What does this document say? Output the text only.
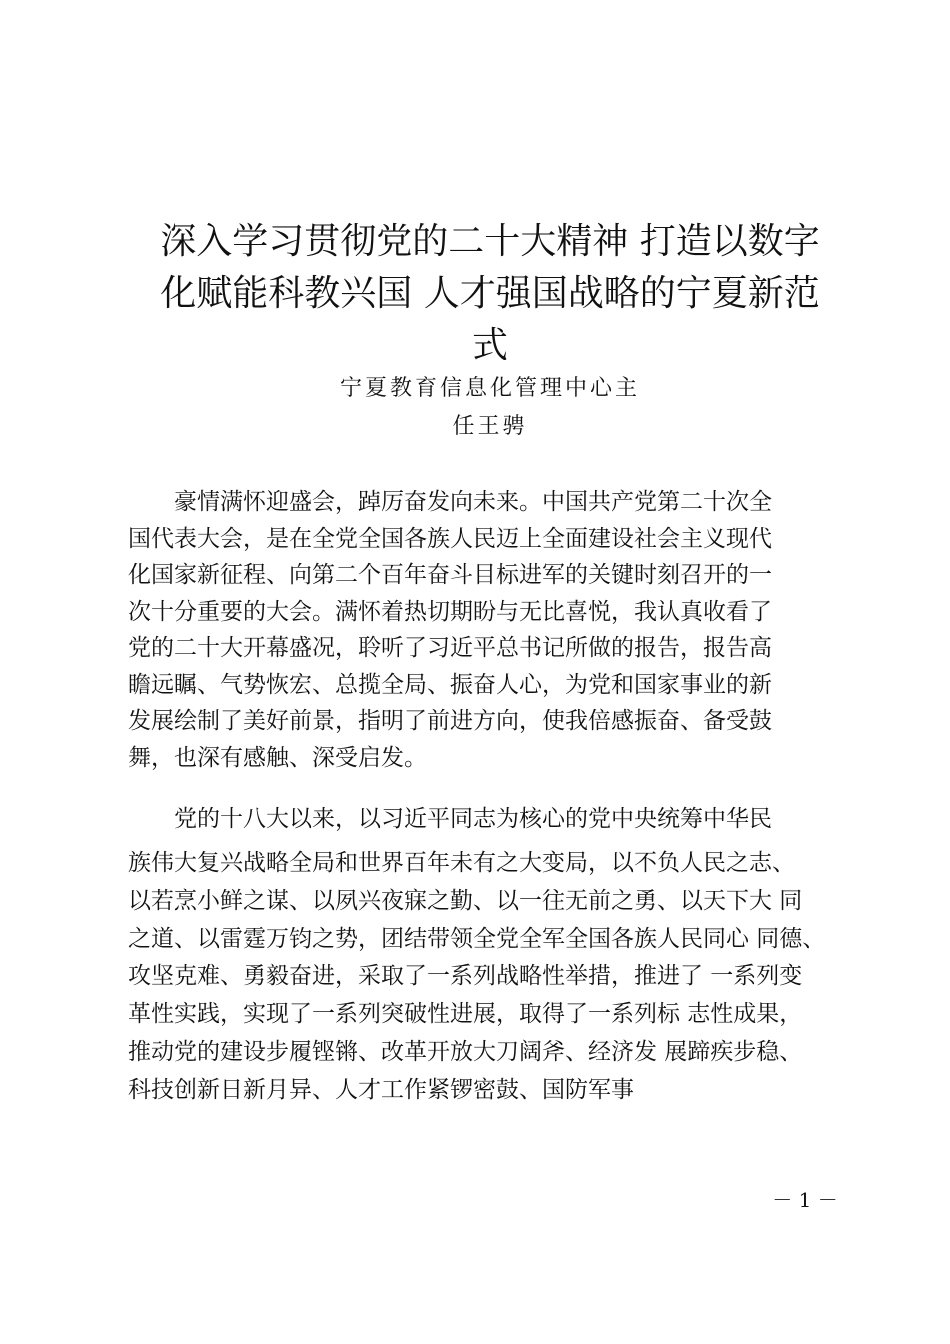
深入学习贯彻党的二十大精神 打造以数字
化赋能科教兴国 人才强国战略的宁夏新范
式
宁夏教育信息化管理中心主
任王骋

　　豪情满怀迎盛会，踔厉奋发向未来。中国共产党第二十次全
国代表大会，是在全党全国各族人民迈上全面建设社会主义现代
化国家新征程、向第二个百年奋斗目标进军的关键时刻召开的一
次十分重要的大会。满怀着热切期盼与无比喜悦，我认真收看了
党的二十大开幕盛况，聆听了习近平总书记所做的报告，报告高
瞻远瞩、气势恢宏、总揽全局、振奋人心，为党和国家事业的新
发展绘制了美好前景，指明了前进方向，使我倍感振奋、备受鼓
舞，也深有感触、深受启发。

　　党的十八大以来，以习近平同志为核心的党中央统筹中华民

族伟大复兴战略全局和世界百年未有之大变局，以不负人民之志、
以若烹小鲜之谋、以夙兴夜寐之勤、以一往无前之勇、以天下大 同
之道、以雷霆万钧之势，团结带领全党全军全国各族人民同心 同德、
攻坚克难、勇毅奋进，采取了一系列战略性举措，推进了 一系列变
革性实践，实现了一系列突破性进展，取得了一系列标 志性成果，
推动党的建设步履铿锵、改革开放大刀阔斧、经济发 展蹄疾步稳、
科技创新日新月异、人才工作紧锣密鼓、国防军事
－ 1 －
